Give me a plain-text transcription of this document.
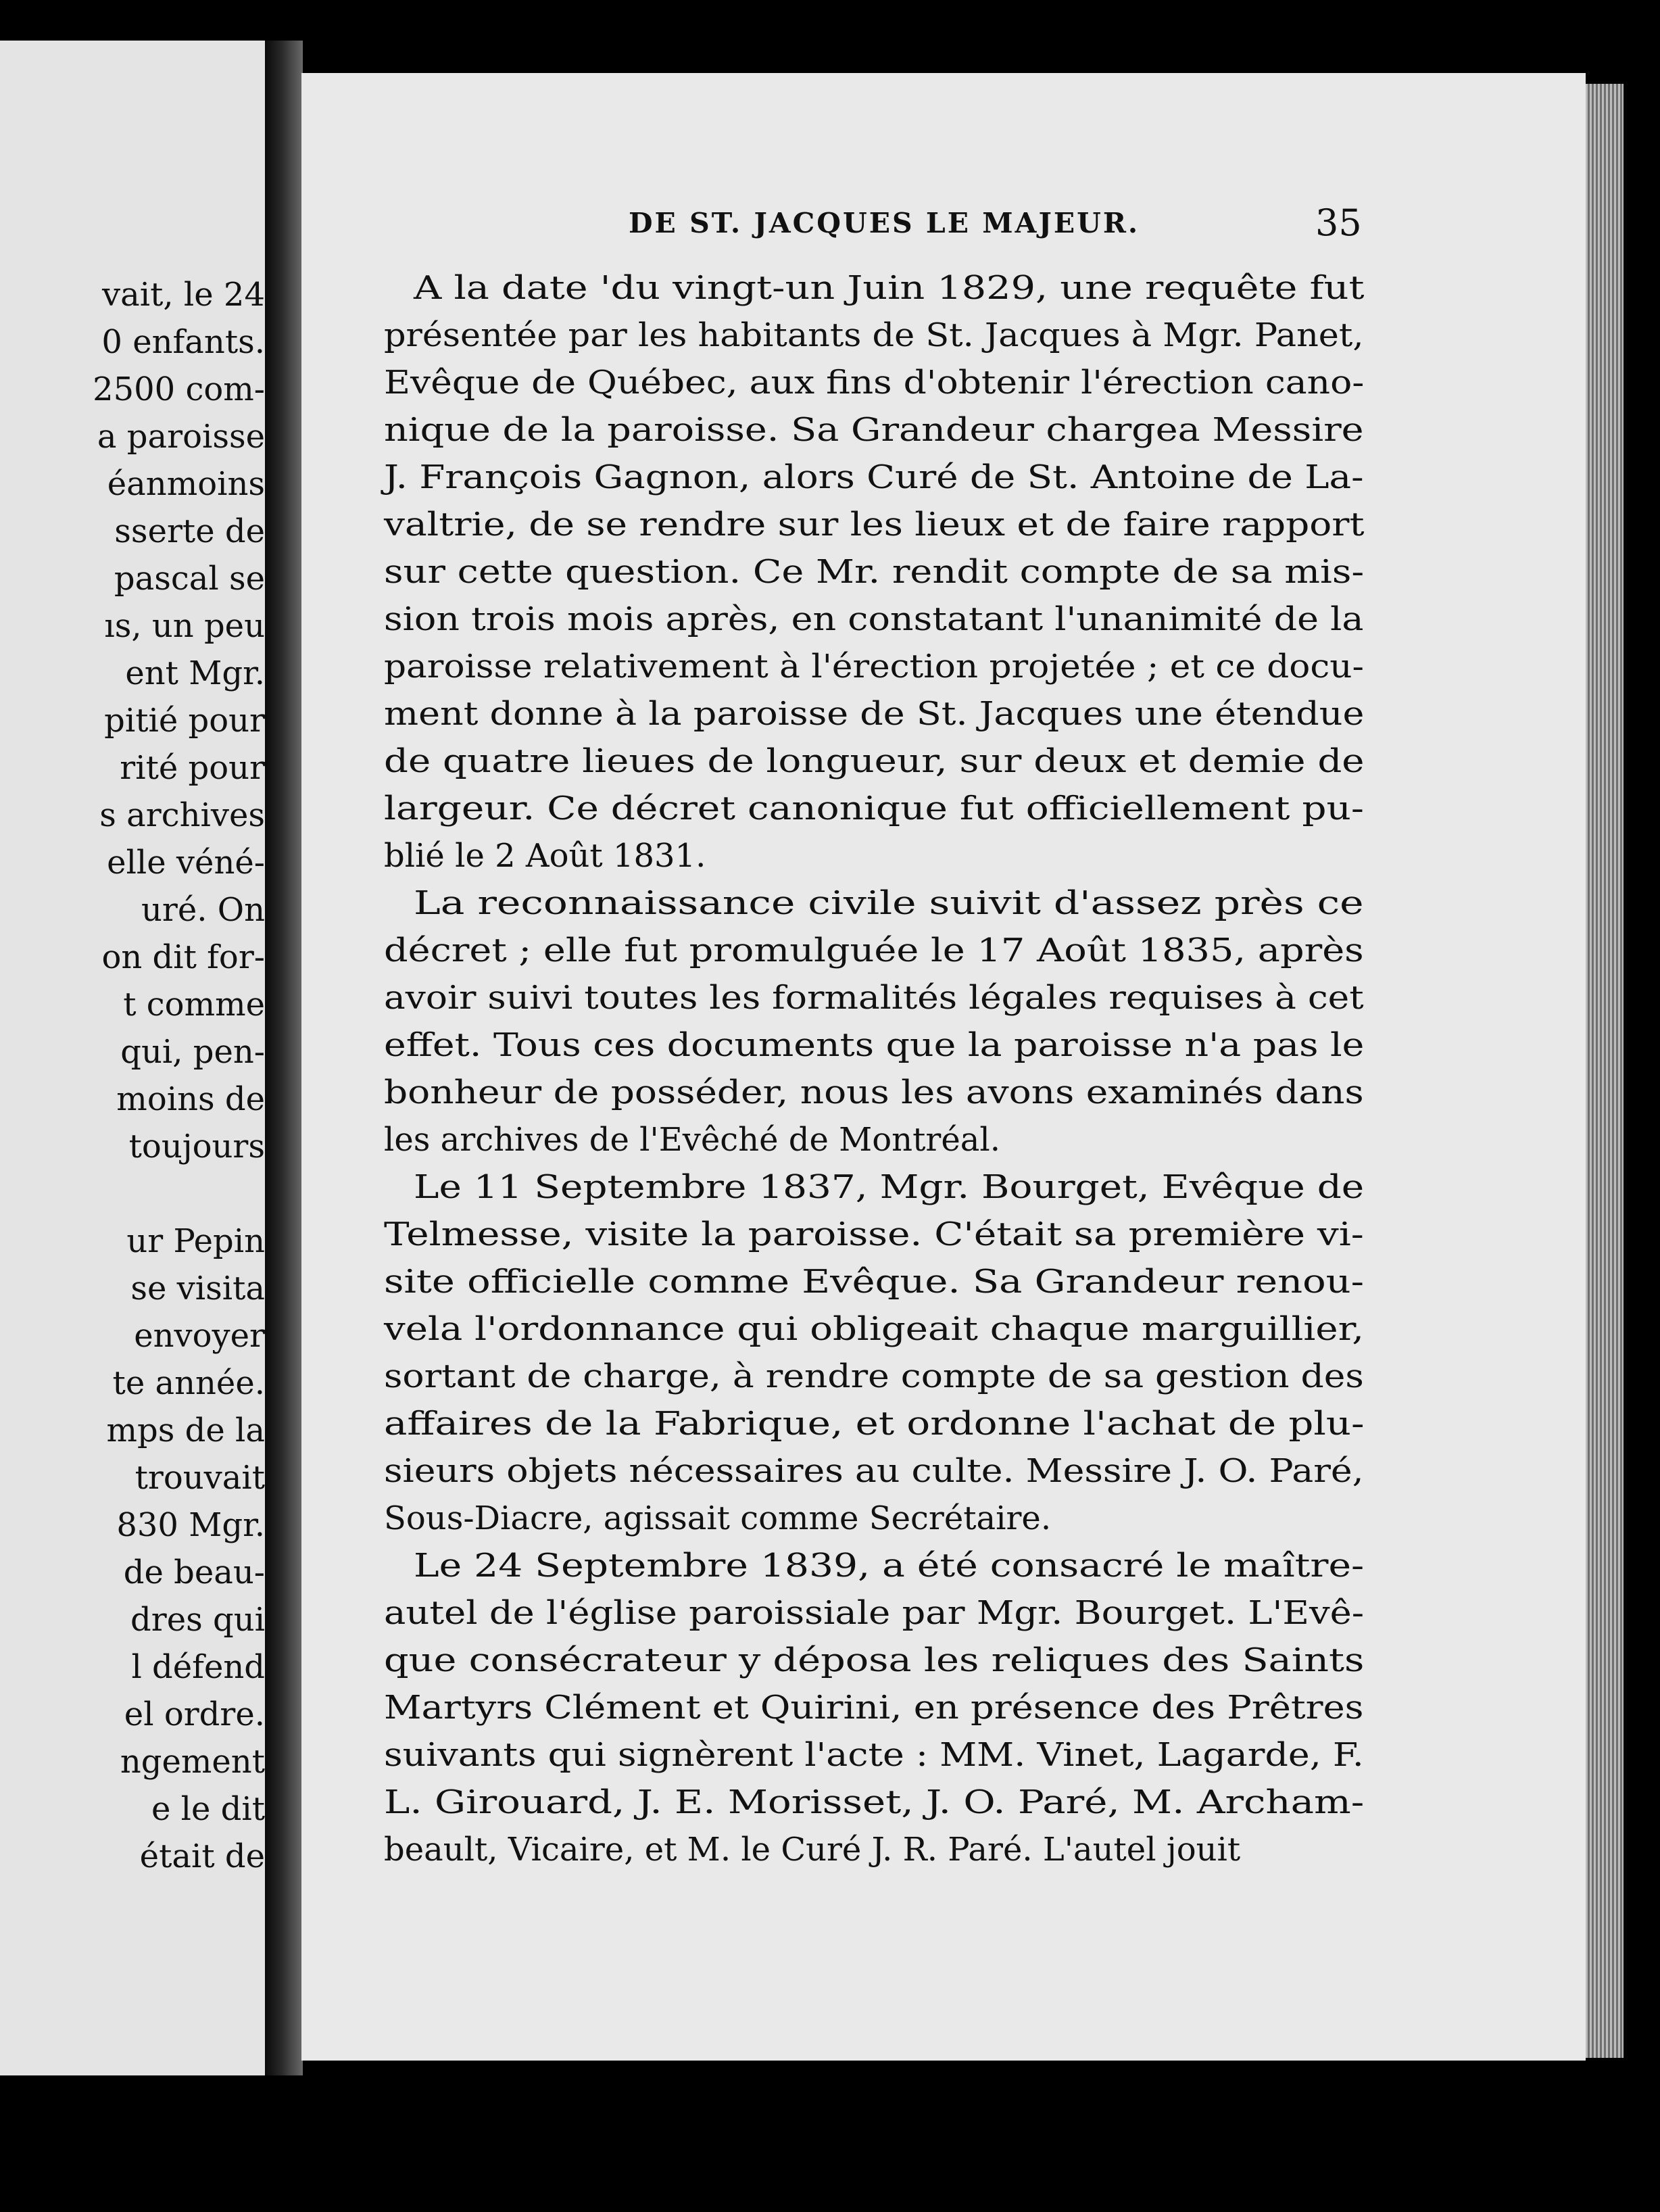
vait, le 24
0 enfants.
2500 com-
a paroisse
éanmoins
sserte de
pascal se
ıs, un peu
ent Mgr.
pitié pour
rité pour
s archives
elle véné-
uré. On
on dit for-
t comme
qui, pen-
moins de
toujours
ur Pepin
se visita
envoyer
te année.
mps de la
trouvait
830 Mgr.
de beau-
dres qui
l défend
el ordre.
ngement
e le dit
était de
DE ST. JACQUES LE MAJEUR.	35
A la date 'du vingt-un Juin 1829, une requête fut
présentée par les habitants de St. Jacques à Mgr. Panet,
Evêque de Québec, aux fins d'obtenir l'érection cano-
nique de la paroisse. Sa Grandeur chargea Messire
J. François Gagnon, alors Curé de St. Antoine de La-
valtrie, de se rendre sur les lieux et de faire rapport
sur cette question. Ce Mr. rendit compte de sa mis-
sion trois mois après, en constatant l'unanimité de la
paroisse relativement à l'érection projetée ; et ce docu-
ment donne à la paroisse de St. Jacques une étendue
de quatre lieues de longueur, sur deux et demie de
largeur. Ce décret canonique fut officiellement pu-
blié le 2 Août 1831.
La reconnaissance civile suivit d'assez près ce
décret ; elle fut promulguée le 17 Août 1835, après
avoir suivi toutes les formalités légales requises à cet
effet. Tous ces documents que la paroisse n'a pas le
bonheur de posséder, nous les avons examinés dans
les archives de l'Evêché de Montréal.
Le 11 Septembre 1837, Mgr. Bourget, Evêque de
Telmesse, visite la paroisse. C'était sa première vi-
site officielle comme Evêque. Sa Grandeur renou-
vela l'ordonnance qui obligeait chaque marguillier,
sortant de charge, à rendre compte de sa gestion des
affaires de la Fabrique, et ordonne l'achat de plu-
sieurs objets nécessaires au culte. Messire J. O. Paré,
Sous-Diacre, agissait comme Secrétaire.
Le 24 Septembre 1839, a été consacré le maître-
autel de l'église paroissiale par Mgr. Bourget. L'Evê-
que consécrateur y déposa les reliques des Saints
Martyrs Clément et Quirini, en présence des Prêtres
suivants qui signèrent l'acte : MM. Vinet, Lagarde, F.
L. Girouard, J. E. Morisset, J. O. Paré, M. Archam-
beault, Vicaire, et M. le Curé J. R. Paré. L'autel jouit
